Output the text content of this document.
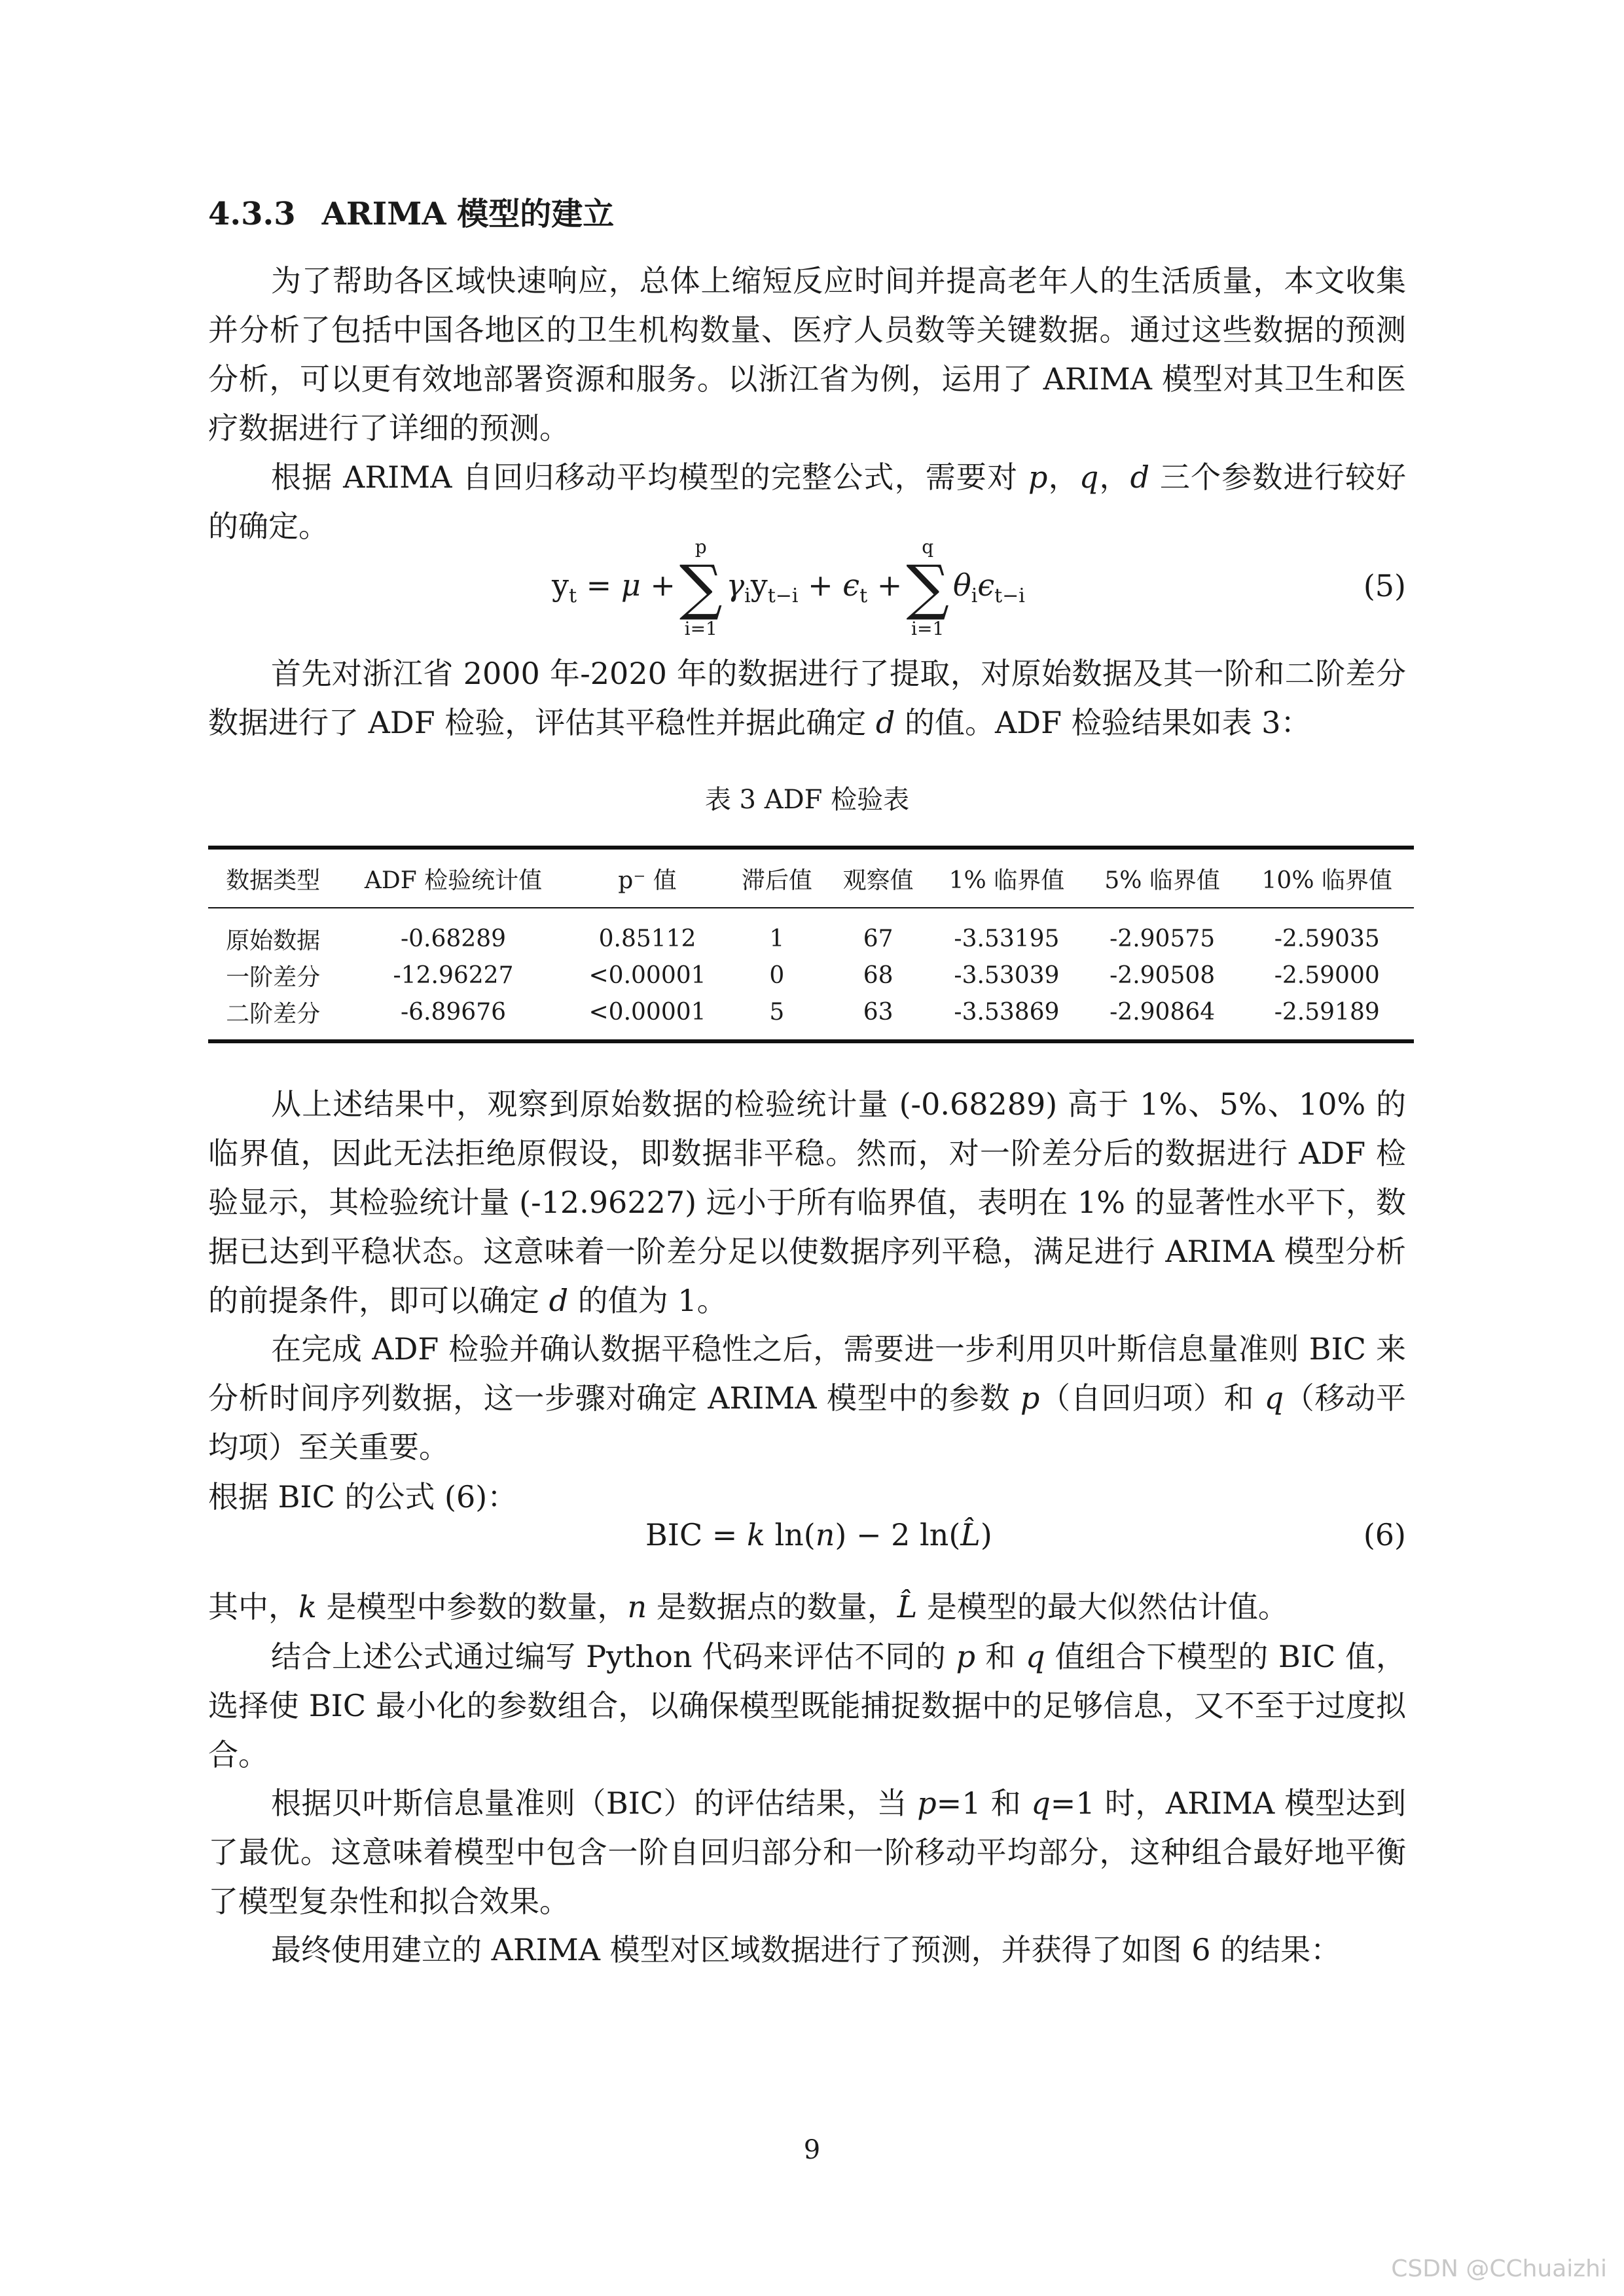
4.3.3 ARIMA 模型的建立
为了帮助各区域快速响应，总体上缩短反应时间并提高老年人的生活质量，本文收集并分析了包括中国各地区的卫生机构数量、医疗人员数等关键数据。通过这些数据的预测分析，可以更有效地部署资源和服务。以浙江省为例，运用了 ARIMA 模型对其卫生和医疗数据进行了详细的预测。
根据 ARIMA 自回归移动平均模型的完整公式，需要对 p，q，d 三个参数进行较好的确定。
$y_t = \mu$ +
p
∑
i=1
$\gamma_iy_{t-i} + \epsilon_t$ +
q
∑
i=1
$\theta_i\epsilon_{t-i}$	(5)
首先对浙江省 2000 年-2020 年的数据进行了提取，对原始数据及其一阶和二阶差分数据进行了 ADF 检验，评估其平稳性并据此确定 d 的值。ADF 检验结果如表 3：
表 3 ADF 检验表
数据类型	ADF 检验统计值	p⁻ 值	滞后值	观察值	1% 临界值	5% 临界值	10% 临界值
原始数据	-0.68289	0.85112	1	67	-3.53195	-2.90575	-2.59035
一阶差分	-12.96227	<0.00001	0	68	-3.53039	-2.90508	-2.59000
二阶差分	-6.89676	<0.00001	5	63	-3.53869	-2.90864	-2.59189
从上述结果中，观察到原始数据的检验统计量 (-0.68289) 高于 1%、5%、10% 的临界值，因此无法拒绝原假设，即数据非平稳。然而，对一阶差分后的数据进行 ADF 检验显示，其检验统计量 (-12.96227) 远小于所有临界值，表明在 1% 的显著性水平下，数据已达到平稳状态。这意味着一阶差分足以使数据序列平稳，满足进行 ARIMA 模型分析的前提条件，即可以确定 d 的值为 1。
在完成 ADF 检验并确认数据平稳性之后，需要进一步利用贝叶斯信息量准则 BIC 来分析时间序列数据，这一步骤对确定 ARIMA 模型中的参数 p（自回归项）和 q（移动平均项）至关重要。
根据 BIC 的公式 (6)：
BIC = k ln(n) − 2 ln(L̂)	(6)
其中，k 是模型中参数的数量，n 是数据点的数量，L̂ 是模型的最大似然估计值。
结合上述公式通过编写 Python 代码来评估不同的 p 和 q 值组合下模型的 BIC 值，选择使 BIC 最小化的参数组合，以确保模型既能捕捉数据中的足够信息，又不至于过度拟合。
根据贝叶斯信息量准则（BIC）的评估结果，当 p=1 和 q=1 时，ARIMA 模型达到了最优。这意味着模型中包含一阶自回归部分和一阶移动平均部分，这种组合最好地平衡了模型复杂性和拟合效果。
最终使用建立的 ARIMA 模型对区域数据进行了预测，并获得了如图 6 的结果：
9
CSDN @CChuaizhi
